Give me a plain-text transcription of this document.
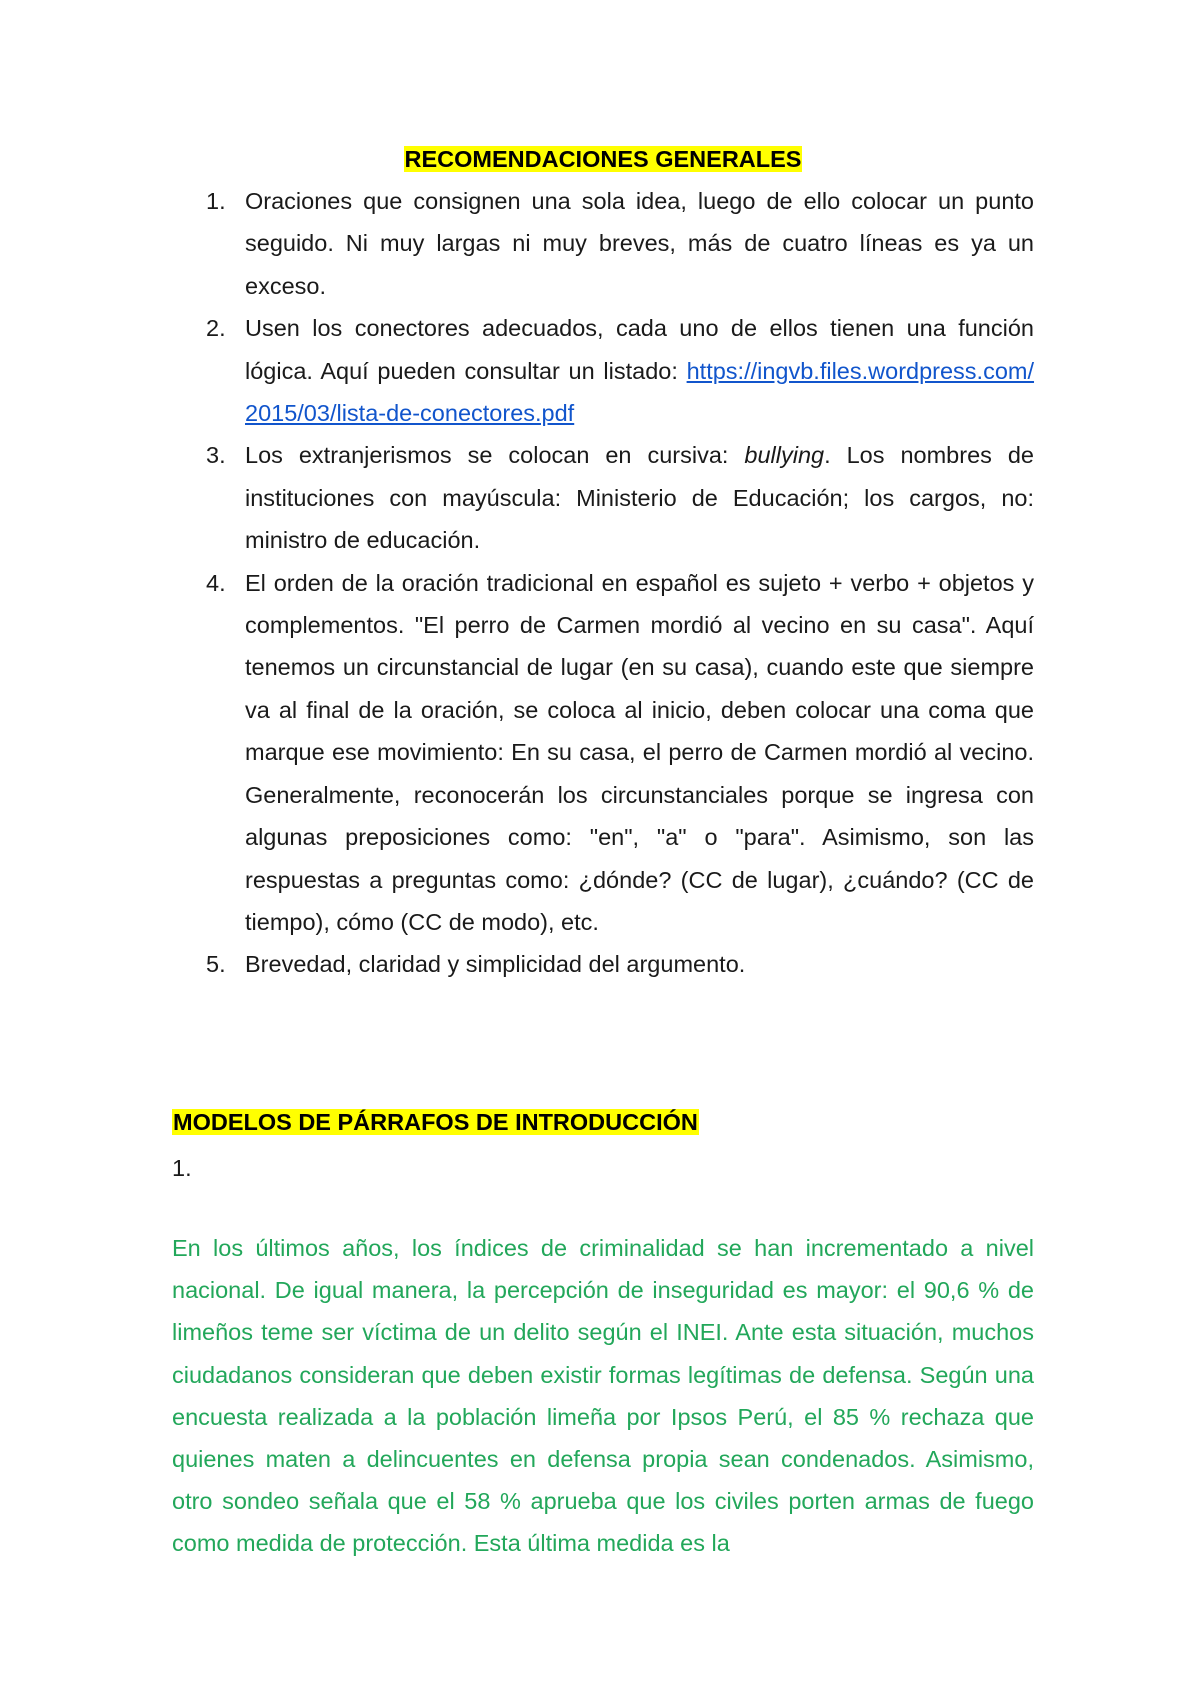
RECOMENDACIONES GENERALES

1. Oraciones que consignen una sola idea, luego de ello colocar un punto seguido. Ni muy largas ni muy breves, más de cuatro líneas es ya un exceso.
2. Usen los conectores adecuados, cada uno de ellos tienen una función lógica. Aquí pueden consultar un listado: https://ingvb.files.wordpress.com/2015/03/lista-de-conectores.pdf
3. Los extranjerismos se colocan en cursiva: bullying. Los nombres de instituciones con mayúscula: Ministerio de Educación; los cargos, no: ministro de educación.
4. El orden de la oración tradicional en español es sujeto + verbo + objetos y complementos. "El perro de Carmen mordió al vecino en su casa". Aquí tenemos un circunstancial de lugar (en su casa), cuando este que siempre va al final de la oración, se coloca al inicio, deben colocar una coma que marque ese movimiento: En su casa, el perro de Carmen mordió al vecino. Generalmente, reconocerán los circunstanciales porque se ingresa con algunas preposiciones como: "en", "a" o "para". Asimismo, son las respuestas a preguntas como: ¿dónde? (CC de lugar), ¿cuándo? (CC de tiempo), cómo (CC de modo), etc.
5. Brevedad, claridad y simplicidad del argumento.

MODELOS DE PÁRRAFOS DE INTRODUCCIÓN

1.

En los últimos años, los índices de criminalidad se han incrementado a nivel nacional. De igual manera, la percepción de inseguridad es mayor: el 90,6 % de limeños teme ser víctima de un delito según el INEI. Ante esta situación, muchos ciudadanos consideran que deben existir formas legítimas de defensa. Según una encuesta realizada a la población limeña por Ipsos Perú, el 85 % rechaza que quienes maten a delincuentes en defensa propia sean condenados. Asimismo, otro sondeo señala que el 58 % aprueba que los civiles porten armas de fuego como medida de protección. Esta última medida es la
